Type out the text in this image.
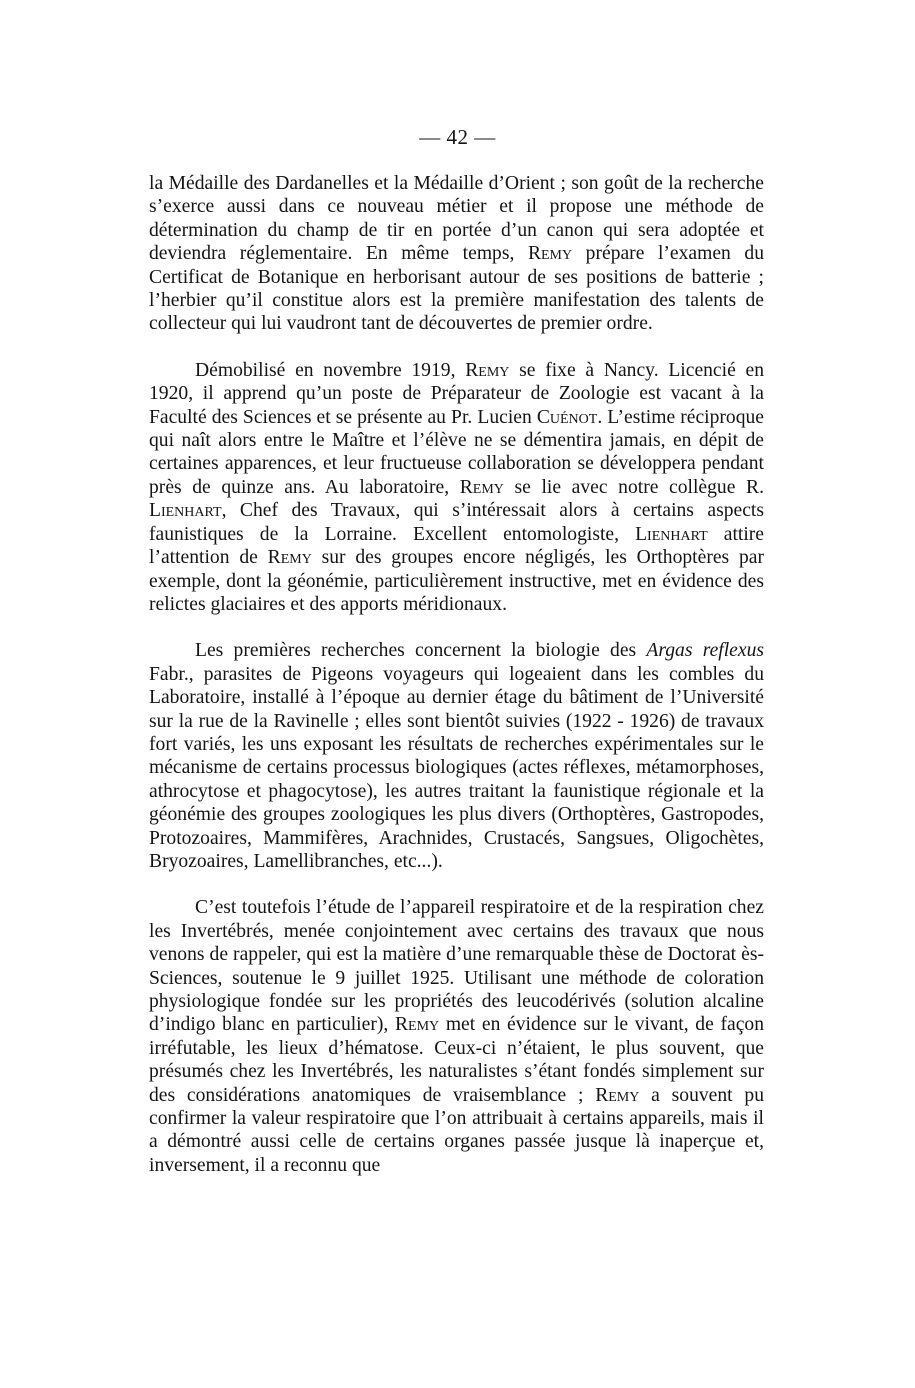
— 42 —

la Médaille des Dardanelles et la Médaille d’Orient ; son goût de la recherche s’exerce aussi dans ce nouveau métier et il propose une méthode de détermination du champ de tir en portée d’un canon qui sera adoptée et deviendra réglementaire. En même temps, Remy prépare l’examen du Certificat de Botanique en herborisant autour de ses positions de batterie ; l’herbier qu’il constitue alors est la première manifestation des talents de collecteur qui lui vaudront tant de découvertes de premier ordre.

Démobilisé en novembre 1919, Remy se fixe à Nancy. Licencié en 1920, il apprend qu’un poste de Préparateur de Zoologie est vacant à la Faculté des Sciences et se présente au Pr. Lucien Cuénot. L’estime réciproque qui naît alors entre le Maître et l’élève ne se démentira jamais, en dépit de certaines apparences, et leur fructueuse collaboration se développera pendant près de quinze ans. Au laboratoire, Remy se lie avec notre collègue R. Lienhart, Chef des Travaux, qui s’intéressait alors à certains aspects faunistiques de la Lorraine. Excellent entomologiste, Lienhart attire l’attention de Remy sur des groupes encore négligés, les Orthoptères par exemple, dont la géonémie, particulièrement instructive, met en évidence des relictes glaciaires et des apports méridionaux.

Les premières recherches concernent la biologie des Argas reflexus Fabr., parasites de Pigeons voyageurs qui logeaient dans les combles du Laboratoire, installé à l’époque au dernier étage du bâtiment de l’Université sur la rue de la Ravinelle ; elles sont bientôt suivies (1922 - 1926) de travaux fort variés, les uns exposant les résultats de recherches expérimentales sur le mécanisme de certains processus biologiques (actes réflexes, métamorphoses, athrocytose et phagocytose), les autres traitant la faunistique régionale et la géonémie des groupes zoologiques les plus divers (Orthoptères, Gastropodes, Protozoaires, Mammifères, Arachnides, Crustacés, Sangsues, Oligochètes, Bryozoaires, Lamellibranches, etc...).

C’est toutefois l’étude de l’appareil respiratoire et de la respiration chez les Invertébrés, menée conjointement avec certains des travaux que nous venons de rappeler, qui est la matière d’une remarquable thèse de Doctorat ès-Sciences, soutenue le 9 juillet 1925. Utilisant une méthode de coloration physiologique fondée sur les propriétés des leucodérivés (solution alcaline d’indigo blanc en particulier), Remy met en évidence sur le vivant, de façon irréfutable, les lieux d’hématose. Ceux-ci n’étaient, le plus souvent, que présumés chez les Invertébrés, les naturalistes s’étant fondés simplement sur des considérations anatomiques de vraisemblance ; Remy a souvent pu confirmer la valeur respiratoire que l’on attribuait à certains appareils, mais il a démontré aussi celle de certains organes passée jusque là inaperçue et, inversement, il a reconnu que
